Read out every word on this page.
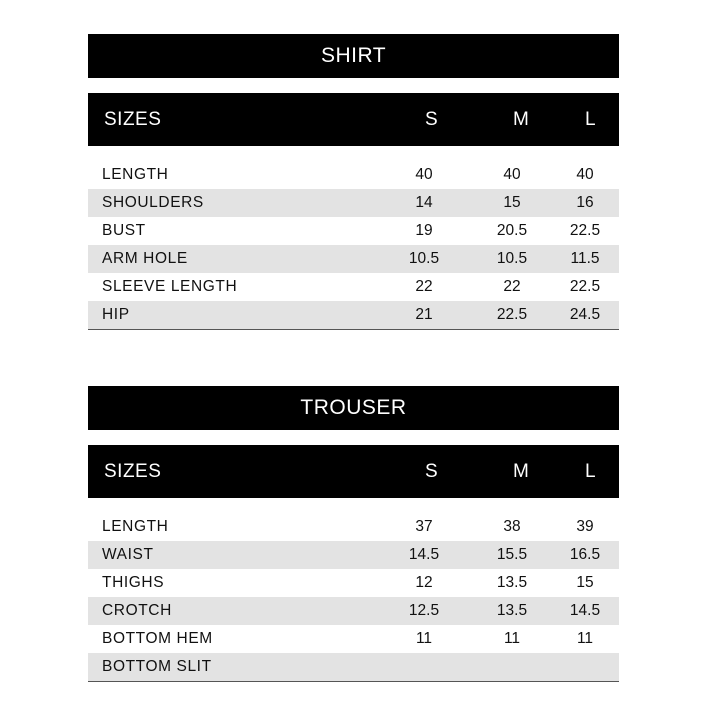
SHIRT
SIZES	S	M	L
LENGTH	40	40	40
SHOULDERS	14	15	16
BUST	19	20.5	22.5
ARM HOLE	10.5	10.5	11.5
SLEEVE LENGTH	22	22	22.5
HIP	21	22.5	24.5
TROUSER
SIZES	S	M	L
LENGTH	37	38	39
WAIST	14.5	15.5	16.5
THIGHS	12	13.5	15
CROTCH	12.5	13.5	14.5
BOTTOM HEM	11	11	11
BOTTOM SLIT
